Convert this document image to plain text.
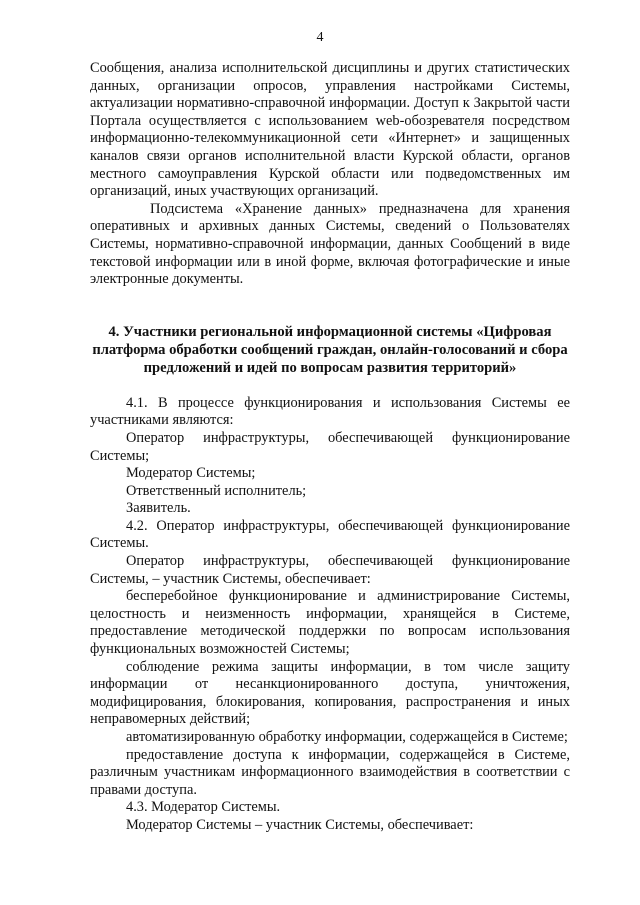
4

Сообщения, анализа исполнительской дисциплины и других статистических данных, организации опросов, управления настройками Системы, актуализации нормативно-справочной информации. Доступ к Закрытой части Портала осуществляется с использованием web-обозревателя посредством информационно-телекоммуникационной сети «Интернет» и защищенных каналов связи органов исполнительной власти Курской области, органов местного самоуправления Курской области или подведомственных им организаций, иных участвующих организаций.

Подсистема «Хранение данных» предназначена для хранения оперативных и архивных данных Системы, сведений о Пользователях Системы, нормативно-справочной информации, данных Сообщений в виде текстовой информации или в иной форме, включая фотографические и иные электронные документы.

4. Участники региональной информационной системы «Цифровая платформа обработки сообщений граждан, онлайн-голосований и сбора предложений и идей по вопросам развития территорий»

4.1. В процессе функционирования и использования Системы ее участниками являются:

Оператор инфраструктуры, обеспечивающей функционирование Системы;

Модератор Системы;

Ответственный исполнитель;

Заявитель.

4.2. Оператор инфраструктуры, обеспечивающей функционирование Системы.

Оператор инфраструктуры, обеспечивающей функционирование Системы, – участник Системы, обеспечивает:

бесперебойное функционирование и администрирование Системы, целостность и неизменность информации, хранящейся в Системе, предоставление методической поддержки по вопросам использования функциональных возможностей Системы;

соблюдение режима защиты информации, в том числе защиту информации от несанкционированного доступа, уничтожения, модифицирования, блокирования, копирования, распространения и иных неправомерных действий;

автоматизированную обработку информации, содержащейся в Системе;

предоставление доступа к информации, содержащейся в Системе, различным участникам информационного взаимодействия в соответствии с правами доступа.

4.3. Модератор Системы.

Модератор Системы – участник Системы, обеспечивает:
